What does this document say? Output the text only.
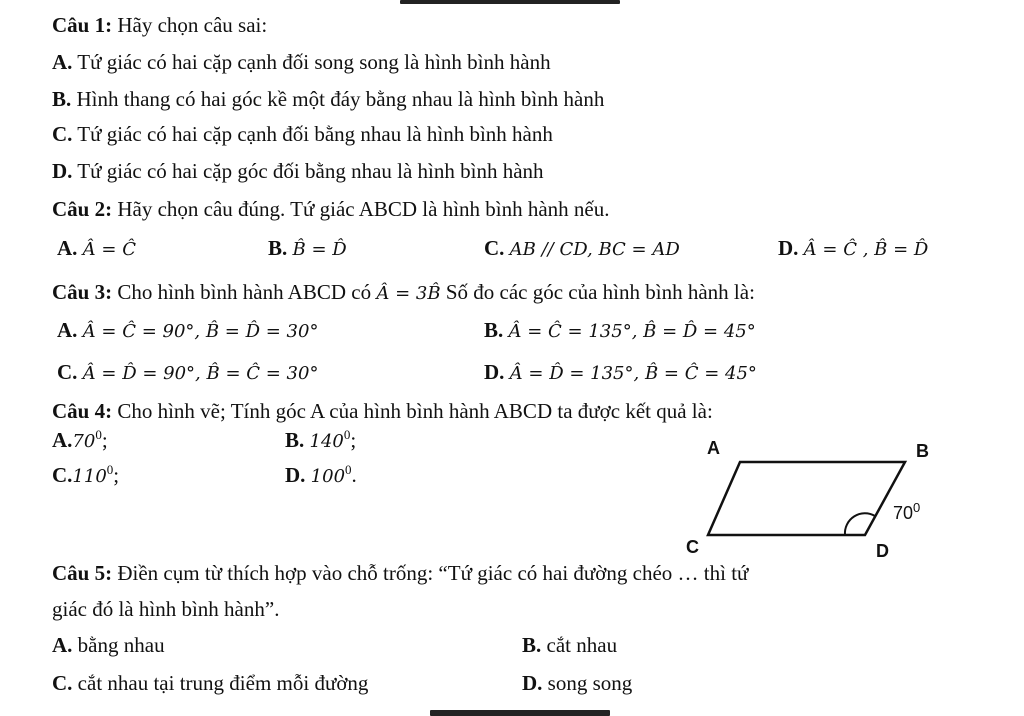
Câu 1: Hãy chọn câu sai:
A. Tứ giác có hai cặp cạnh đối song song là hình bình hành
B. Hình thang có hai góc kề một đáy bằng nhau là hình bình hành
C. Tứ giác có hai cặp cạnh đối bằng nhau là hình bình hành
D. Tứ giác có hai cặp góc đối bằng nhau là hình bình hành
Câu 2: Hãy chọn câu đúng. Tứ giác ABCD là hình bình hành nếu.
A. Â = Ĉ	B. B̂ = D̂	C. AB // CD, BC = AD	D. Â = Ĉ , B̂ = D̂
Câu 3: Cho hình bình hành ABCD có Â = 3B̂ Số đo các góc của hình bình hành là:
A. Â = Ĉ = 90°, B̂ = D̂ = 30°	B. Â = Ĉ = 135°, B̂ = D̂ = 45°
C. Â = D̂ = 90°, B̂ = Ĉ = 30°	D. Â = D̂ = 135°, B̂ = Ĉ = 45°
Câu 4: Cho hình vẽ; Tính góc A của hình bình hành ABCD ta được kết quả là:
$A.70^0$;	B. $140^0$;
C.110$^0$;	D. $100^0$.
A	B
C	D
$70^0$
Câu 5: Điền cụm từ thích hợp vào chỗ trống: “Tứ giác có hai đường chéo … thì tứ
giác đó là hình bình hành”.
A. bằng nhau	B. cắt nhau
C. cắt nhau tại trung điểm mỗi đường	D. song song
